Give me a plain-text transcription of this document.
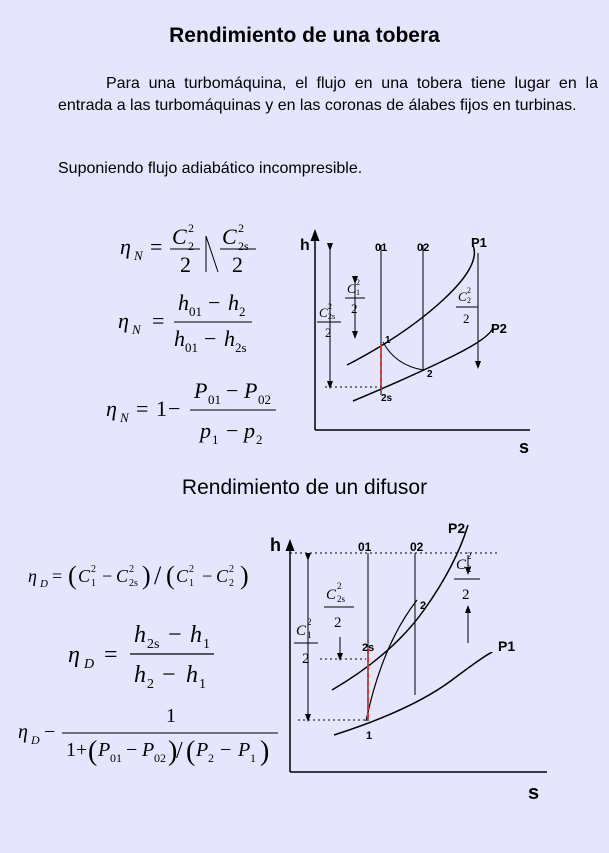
Rendimiento de una tobera
Para una turbomáquina, el flujo en una tobera tiene lugar en la entrada a las turbomáquinas y en las coronas de álabes fijos en turbinas.
Suponiendo flujo adiabático incompresible.
Rendimiento de un difusor
η N = C 2
2
2
C 2
2s
2
η N =
h 01 − h 2
h 01 − h 2s
η N = 1 −
P 01 − P 02
p 1 − p 2
h
s
01	02	P1
P2
1
2
2s
C 2
2s
2
C 2
1
2
C 2
2
2
η D = ( C 2
1 − C 2
2s ) / ( C 2
1 − C 2
2 )
η D =
h 2s − h 1
h 2 − h 1
η D −
1
1+ ( P 01 − P 02 )
/ ( P 2 − P 1 )
h
s
01	02
P2
P1
1
2
2s
C
2
2s
2
C
2
1
2
C
2
2
2
